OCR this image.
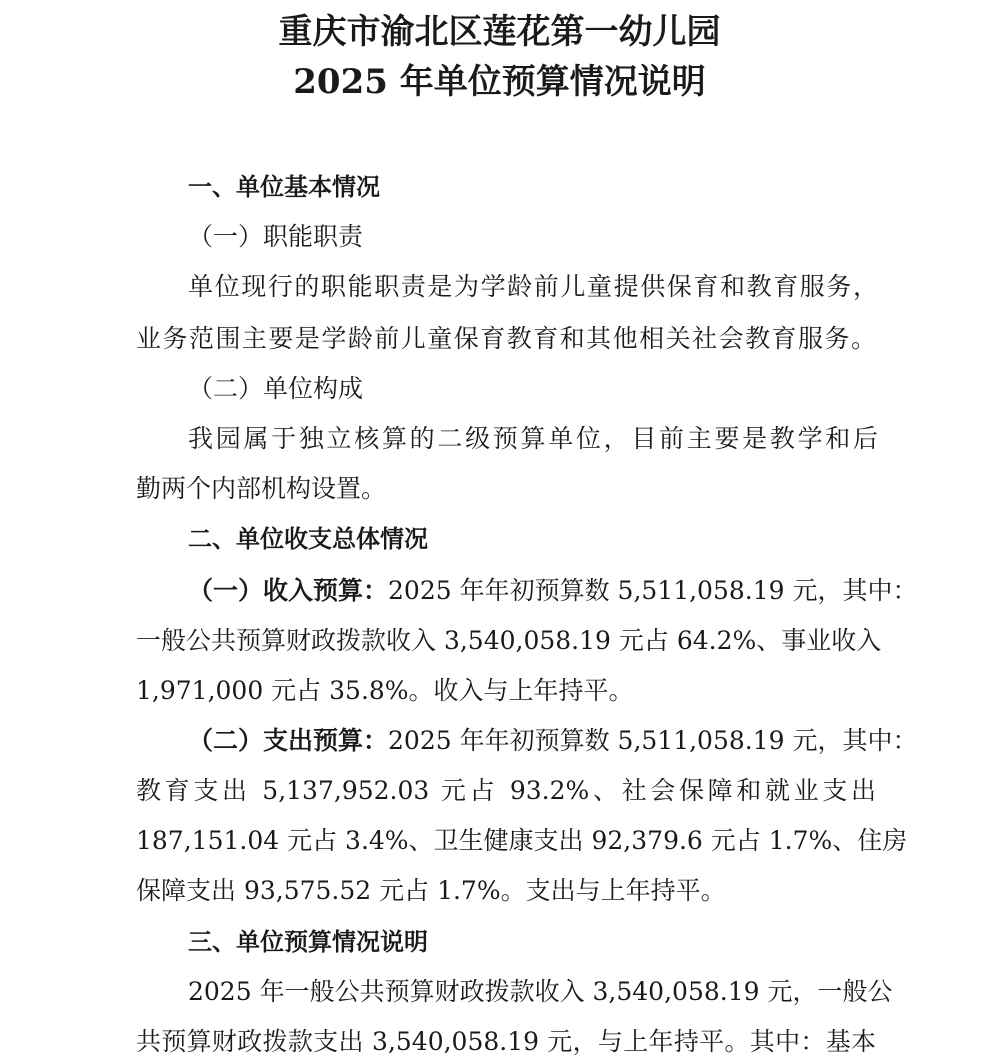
重庆市渝北区莲花第一幼儿园
2025 年单位预算情况说明
一、单位基本情况
（一）职能职责
单位现行的职能职责是为学龄前儿童提供保育和教育服务，
业务范围主要是学龄前儿童保育教育和其他相关社会教育服务。
（二）单位构成
我园属于独立核算的二级预算单位，目前主要是教学和后
勤两个内部机构设置。
二、单位收支总体情况
（一）收入预算：2025 年年初预算数 5,511,058.19 元，其中：
一般公共预算财政拨款收入 3,540,058.19 元占 64.2%、事业收入
1,971,000 元占 35.8%。收入与上年持平。
（二）支出预算：2025 年年初预算数 5,511,058.19 元，其中：
教育支出 5,137,952.03 元占 93.2%、社会保障和就业支出
187,151.04 元占 3.4%、卫生健康支出 92,379.6 元占 1.7%、住房
保障支出 93,575.52 元占 1.7%。支出与上年持平。
三、单位预算情况说明
2025 年一般公共预算财政拨款收入 3,540,058.19 元，一般公
共预算财政拨款支出 3,540,058.19 元，与上年持平。其中：基本
